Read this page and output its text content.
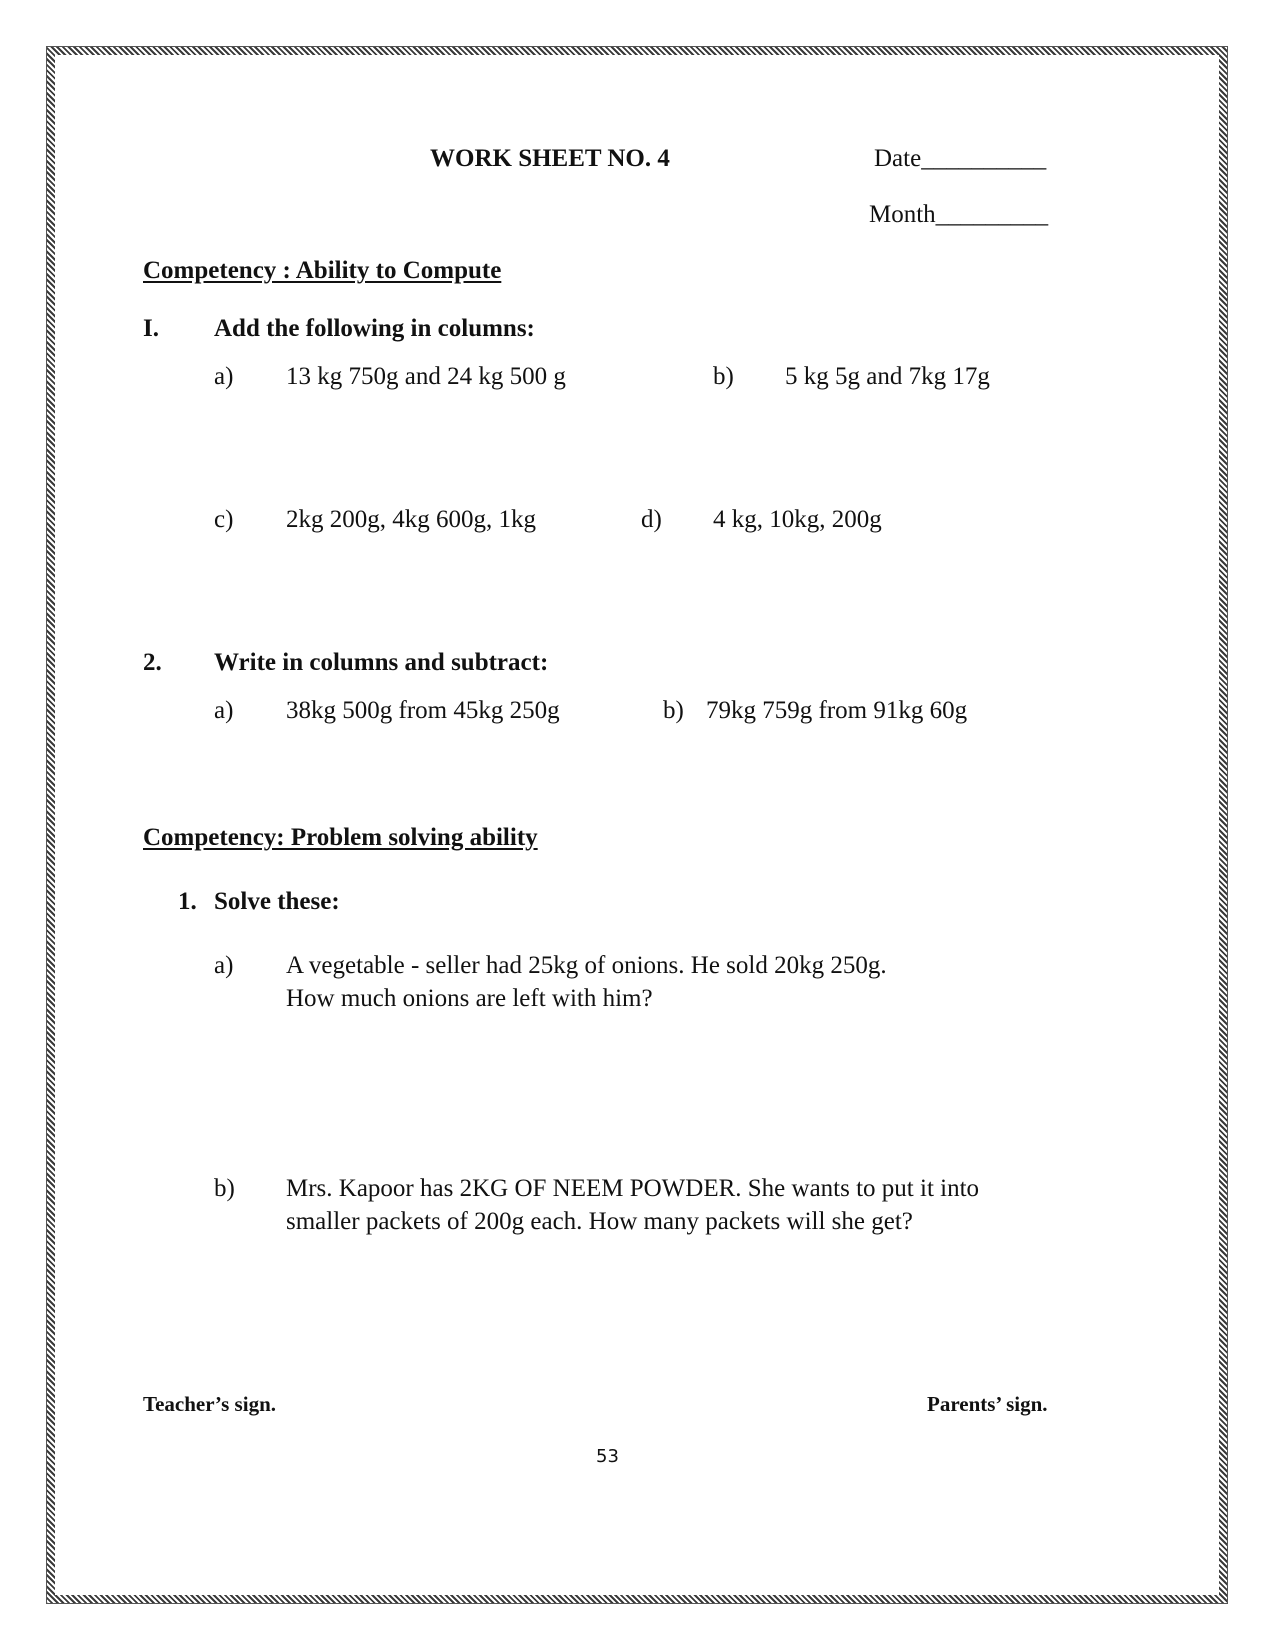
WORK SHEET NO. 4	Date__________
Month_________
Competency : Ability to Compute
I. Add the following in columns:
a) 13 kg 750g and 24 kg 500 g	b) 5 kg 5g and 7kg 17g
c) 2kg 200g, 4kg 600g, 1kg	d) 4 kg, 10kg, 200g
2. Write in columns and subtract:
a) 38kg 500g from 45kg 250g	b) 79kg 759g from 91kg 60g
Competency: Problem solving ability
1. Solve these:
a) A vegetable - seller had 25kg of onions. He sold 20kg 250g.
How much onions are left with him?
b) Mrs. Kapoor has 2KG OF NEEM POWDER. She wants to put it into
smaller packets of 200g each. How many packets will she get?
Teacher’s sign.	Parents’ sign.
53
